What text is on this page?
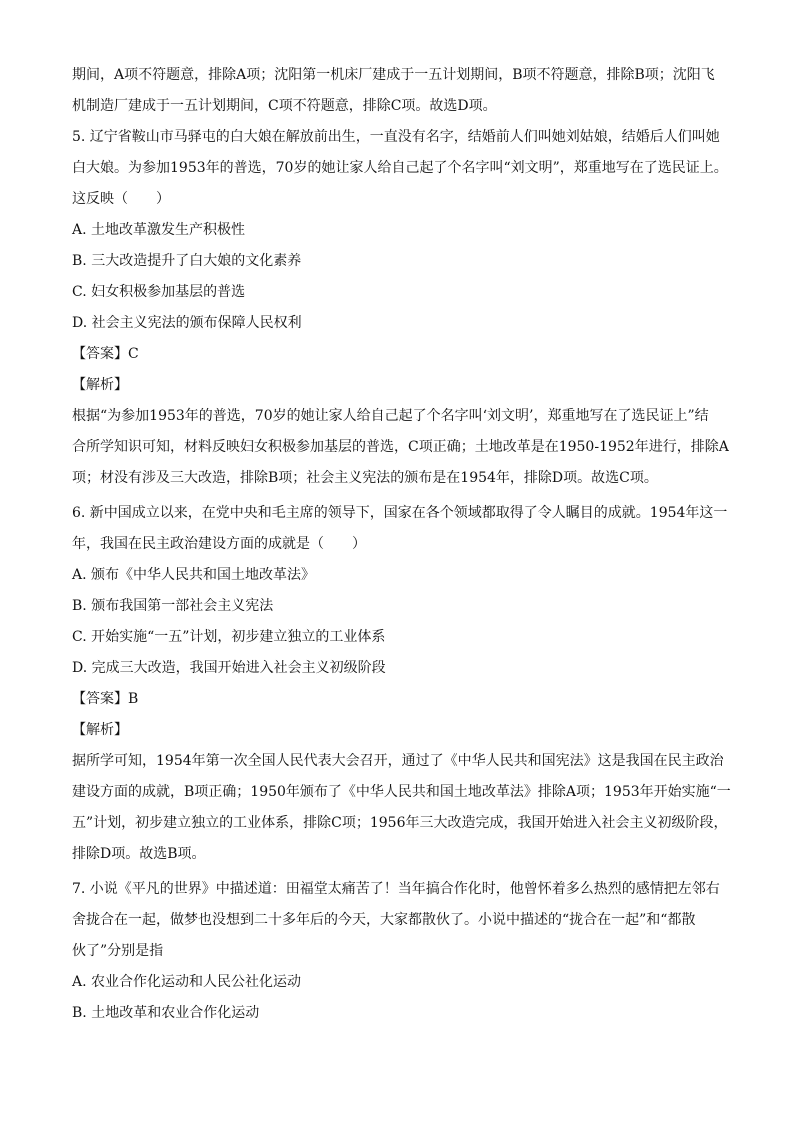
期间，A项不符题意，排除A项；沈阳第一机床厂建成于一五计划期间，B项不符题意，排除B项；沈阳飞
机制造厂建成于一五计划期间，C项不符题意，排除C项。故选D项。
5. 辽宁省鞍山市马驿屯的白大娘在解放前出生，一直没有名字，结婚前人们叫她刘姑娘，结婚后人们叫她
白大娘。为参加1953年的普选，70岁的她让家人给自己起了个名字叫“刘文明”，郑重地写在了选民证上。
这反映（　　）
A. 土地改革激发生产积极性
B. 三大改造提升了白大娘的文化素养
C. 妇女积极参加基层的普选
D. 社会主义宪法的颁布保障人民权利
【答案】C
【解析】
根据“为参加1953年的普选，70岁的她让家人给自己起了个名字叫‘刘文明’，郑重地写在了选民证上”结
合所学知识可知，材料反映妇女积极参加基层的普选，C项正确；土地改革是在1950-1952年进行，排除A
项；材没有涉及三大改造，排除B项；社会主义宪法的颁布是在1954年，排除D项。故选C项。
6. 新中国成立以来，在党中央和毛主席的领导下，国家在各个领域都取得了令人瞩目的成就。1954年这一
年，我国在民主政治建设方面的成就是（　　）
A. 颁布《中华人民共和国土地改革法》
B. 颁布我国第一部社会主义宪法
C. 开始实施“一五”计划，初步建立独立的工业体系
D. 完成三大改造，我国开始进入社会主义初级阶段
【答案】B
【解析】
据所学可知，1954年第一次全国人民代表大会召开，通过了《中华人民共和国宪法》这是我国在民主政治
建设方面的成就，B项正确；1950年颁布了《中华人民共和国土地改革法》排除A项；1953年开始实施“一
五”计划，初步建立独立的工业体系，排除C项；1956年三大改造完成，我国开始进入社会主义初级阶段，
排除D项。故选B项。
7. 小说《平凡的世界》中描述道：田福堂太痛苦了！当年搞合作化时，他曾怀着多么热烈的感情把左邻右
舍拢合在一起，做梦也没想到二十多年后的今天，大家都散伙了。小说中描述的“拢合在一起”和“都散
伙了”分别是指
A. 农业合作化运动和人民公社化运动
B. 土地改革和农业合作化运动
